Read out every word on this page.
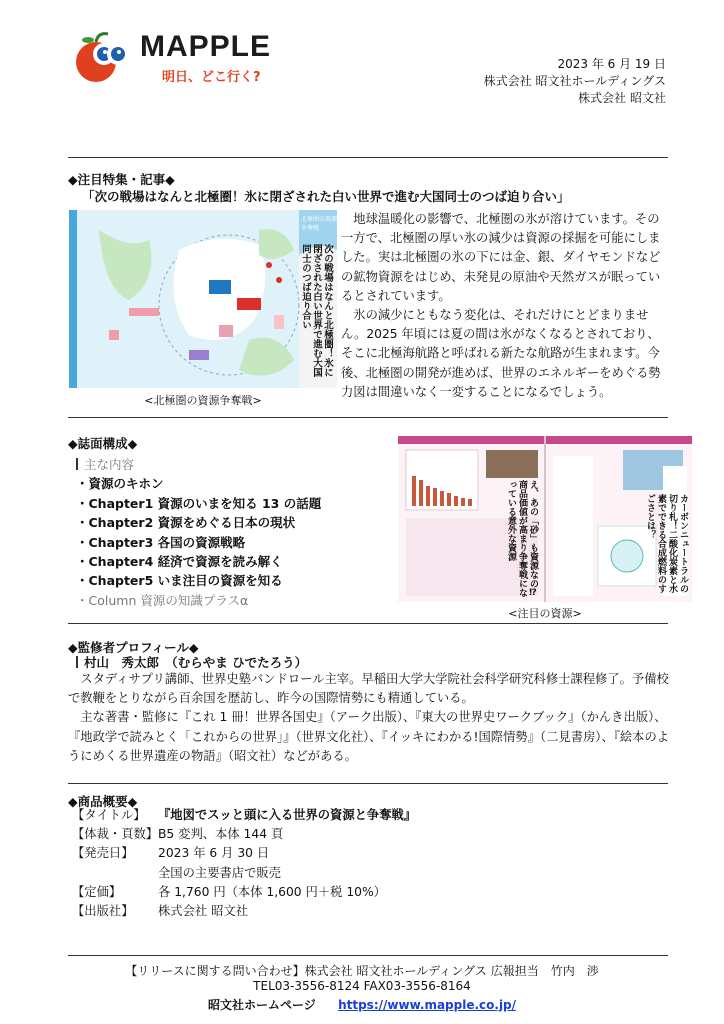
MAPPLE
明日、どこ行く?
2023 年 6 月 19 日
株式会社 昭文社ホールディングス
株式会社 昭文社
◆注目特集・記事◆
「次の戦場はなんと北極圏！氷に閉ざされた白い世界で進む大国同士のつば迫り合い」
次の戦場はなんと北極圏！氷に閉ざされた白い世界で進む大国同士のつば迫り合い
北極圏の資源争奪戦
<北極圏の資源争奪戦>

地球温暖化の影響で、北極圏の氷が溶けています。その一方で、北極圏の厚い氷の減少は資源の採掘を可能にしました。実は北極圏の氷の下には金、銀、ダイヤモンドなどの鉱物資源をはじめ、未発見の原油や天然ガスが眠っているとされています。

氷の減少にともなう変化は、それだけにとどまりません。2025 年頃には夏の間は氷がなくなるとされており、そこに北極海航路と呼ばれる新たな航路が生まれます。今後、北極圏の開発が進めば、世界のエネルギーをめぐる勢力図は間違いなく一変することになるでしょう。

◆誌面構成◆
主な内容
・資源のキホン
・Chapter1 資源のいまを知る 13 の話題
・Chapter2 資源をめぐる日本の現状
・Chapter3 各国の資源戦略
・Chapter4 経済で資源を読み解く
・Chapter5 いま注目の資源を知る
・Column 資源の知識プラスα
え、あの「砂」も資源なの⁉ 商品価値が高まり争奪戦になっている意外な資源	カーボンニュートラルの切り札！二酸化炭素と水素でできる合成燃料のすごさとは？
<注目の資源>
◆監修者プロフィール◆
村山　秀太郎　（むらやま ひでたろう）

スタディサプリ講師、世界史塾バンドロール主宰。早稲田大学大学院社会科学研究科修士課程修了。予備校で教鞭をとりながら百余国を歴訪し、昨今の国際情勢にも精通している。

主な著書・監修に『これ 1 冊！世界各国史』（アーク出版）、『東大の世界史ワークブック』（かんき出版）、『地政学で読みとく「これからの世界」』（世界文化社）、『イッキにわかる!国際情勢』（二見書房）、『絵本のようにめくる世界遺産の物語』（昭文社）などがある。

◆商品概要◆
【タイトル】	『地図でスッと頭に入る世界の資源と争奪戦』
【体裁・頁数】 B5 変判、本体 144 頁
【発売日】	2023 年 6 月 30 日
全国の主要書店で販売
【定価】	各 1,760 円（本体 1,600 円＋税 10%）
【出版社】	株式会社 昭文社
【リリースに関する問い合わせ】株式会社 昭文社ホールディングス 広報担当　竹内　渉
TEL03-3556-8124 FAX03-3556-8164
昭文社ホームページ https://www.mapple.co.jp/
